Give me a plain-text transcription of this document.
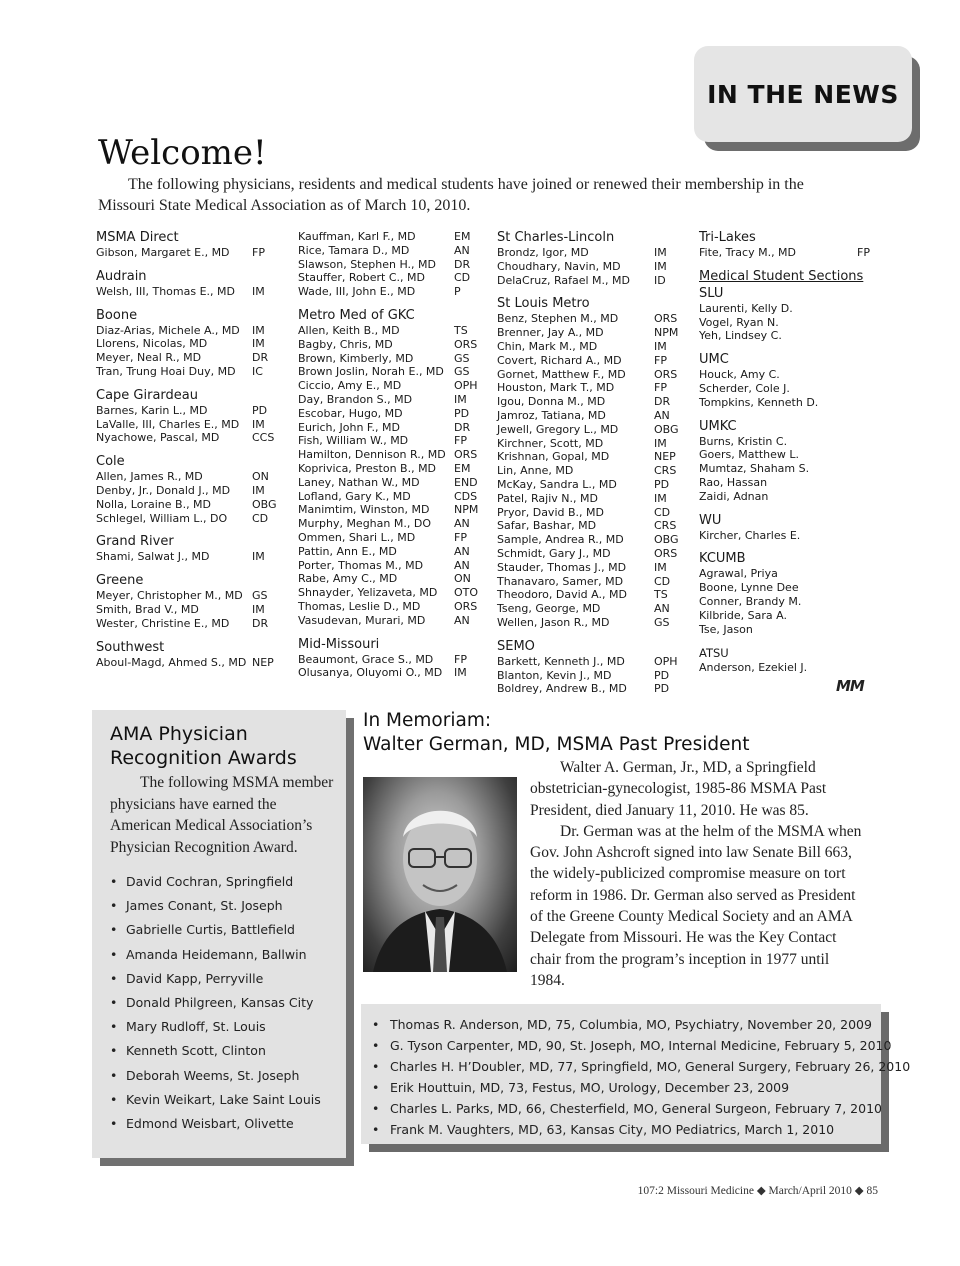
IN THE NEWS
Welcome!
The following physicians, residents and medical students have joined or renewed their membership in the Missouri State Medical Association as of March 10, 2010.
MSMA Direct
Gibson, Margaret E., MD FP
Audrain
Welsh, III, Thomas E., MD IM
Boone
Diaz-Arias, Michele A., MD IM
Llorens, Nicolas, MD	IM
Meyer, Neal R., MD	DR
Tran, Trung Hoai Duy, MD IC
Cape Girardeau
Barnes, Karin L., MD	PD
LaValle, III, Charles E., MD IM
Nyachowe, Pascal, MD	CCS
Cole
Allen, James R., MD	ON
Denby, Jr., Donald J., MD IM
Nolla, Loraine B., MD	OBG
Schlegel, William L., DO CD
Grand River
Shami, Salwat J., MD	IM
Greene
Meyer, Christopher M., MD GS
Smith, Brad V., MD	IM
Wester, Christine E., MD DR
Southwest
Aboul-Magd, Ahmed S., MD NEP
Kauffman, Karl F., MD	EM
Rice, Tamara D., MD	AN
Slawson, Stephen H., MD DR
Stauffer, Robert C., MD	CD
Wade, III, John E., MD	P
Metro Med of GKC
Allen, Keith B., MD	TS
Bagby, Chris, MD	ORS
Brown, Kimberly, MD	GS
Brown Joslin, Norah E., MD GS
Ciccio, Amy E., MD	OPH
Day, Brandon S., MD	IM
Escobar, Hugo, MD	PD
Eurich, John F., MD	DR
Fish, William W., MD	FP
Hamilton, Dennison R., MD ORS
Koprivica, Preston B., MD EM
Laney, Nathan W., MD	END
Lofland, Gary K., MD	CDS
Manimtim, Winston, MD NPM
Murphy, Meghan M., DO AN
Ommen, Shari L., MD	FP
Pattin, Ann E., MD	AN
Porter, Thomas M., MD	AN
Rabe, Amy C., MD	ON
Shnayder, Yelizaveta, MD OTO
Thomas, Leslie D., MD	ORS
Vasudevan, Murari, MD	AN
Mid-Missouri
Beaumont, Grace S., MD FP
Olusanya, Oluyomi O., MD IM
St Charles-Lincoln
Brondz, Igor, MD	IM
Choudhary, Navin, MD	IM
DelaCruz, Rafael M., MD ID
St Louis Metro
Benz, Stephen M., MD	ORS
Brenner, Jay A., MD	NPM
Chin, Mark M., MD	IM
Covert, Richard A., MD	FP
Gornet, Matthew F., MD	ORS
Houston, Mark T., MD	FP
Igou, Donna M., MD	DR
Jamroz, Tatiana, MD	AN
Jewell, Gregory L., MD	OBG
Kirchner, Scott, MD	IM
Krishnan, Gopal, MD	NEP
Lin, Anne, MD	CRS
McKay, Sandra L., MD	PD
Patel, Rajiv N., MD	IM
Pryor, David B., MD	CD
Safar, Bashar, MD	CRS
Sample, Andrea R., MD	OBG
Schmidt, Gary J., MD	ORS
Stauder, Thomas J., MD	IM
Thanavaro, Samer, MD	CD
Theodoro, David A., MD TS
Tseng, George, MD	AN
Wellen, Jason R., MD	GS
SEMO
Barkett, Kenneth J., MD	OPH
Blanton, Kevin J., MD	PD
Boldrey, Andrew B., MD PD
Tri-Lakes
Fite, Tracy M., MD	FP
Medical Student Sections
SLU
Laurenti, Kelly D.
Vogel, Ryan N.
Yeh, Lindsey C.
UMC
Houck, Amy C.
Scherder, Cole J.
Tompkins, Kenneth D.
UMKC
Burns, Kristin C.
Goers, Matthew L.
Mumtaz, Shaham S.
Rao, Hassan
Zaidi, Adnan
WU
Kircher, Charles E.
KCUMB
Agrawal, Priya
Boone, Lynne Dee
Conner, Brandy M.
Kilbride, Sara A.
Tse, Jason
ATSU
Anderson, Ezekiel J.
MM
AMA Physician Recognition Awards
The following MSMA member physicians have earned the American Medical Association’s Physician Recognition Award.
• David Cochran, Springfield
• James Conant, St. Joseph
• Gabrielle Curtis, Battlefield
• Amanda Heidemann, Ballwin
• David Kapp, Perryville
• Donald Philgreen, Kansas City
• Mary Rudloff, St. Louis
• Kenneth Scott, Clinton
• Deborah Weems, St. Joseph
• Kevin Weikart, Lake Saint Louis
• Edmond Weisbart, Olivette
In Memoriam:
Walter German, MD, MSMA Past President

Walter A. German, Jr., MD, a Springfield obstetrician-gynecologist, 1985-86 MSMA Past President, died January 11, 2010. He was 85.

Dr. German was at the helm of the MSMA when Gov. John Ashcroft signed into law Senate Bill 663, the widely-publicized compromise measure on tort reform in 1986. Dr. German also served as President of the Greene County Medical Society and an AMA Delegate from Missouri. He was the Key Contact chair from the program’s inception in 1977 until 1984.

• Thomas R. Anderson, MD, 75, Columbia, MO, Psychiatry, November 20, 2009
• G. Tyson Carpenter, MD, 90, St. Joseph, MO, Internal Medicine, February 5, 2010
• Charles H. H’Doubler, MD, 77, Springfield, MO, General Surgery, February 26, 2010
• Erik Houttuin, MD, 73, Festus, MO, Urology, December 23, 2009
• Charles L. Parks, MD, 66, Chesterfield, MO, General Surgeon, February 7, 2010
• Frank M. Vaughters, MD, 63, Kansas City, MO Pediatrics, March 1, 2010
107:2 Missouri Medicine ◆ March/April 2010 ◆ 85
